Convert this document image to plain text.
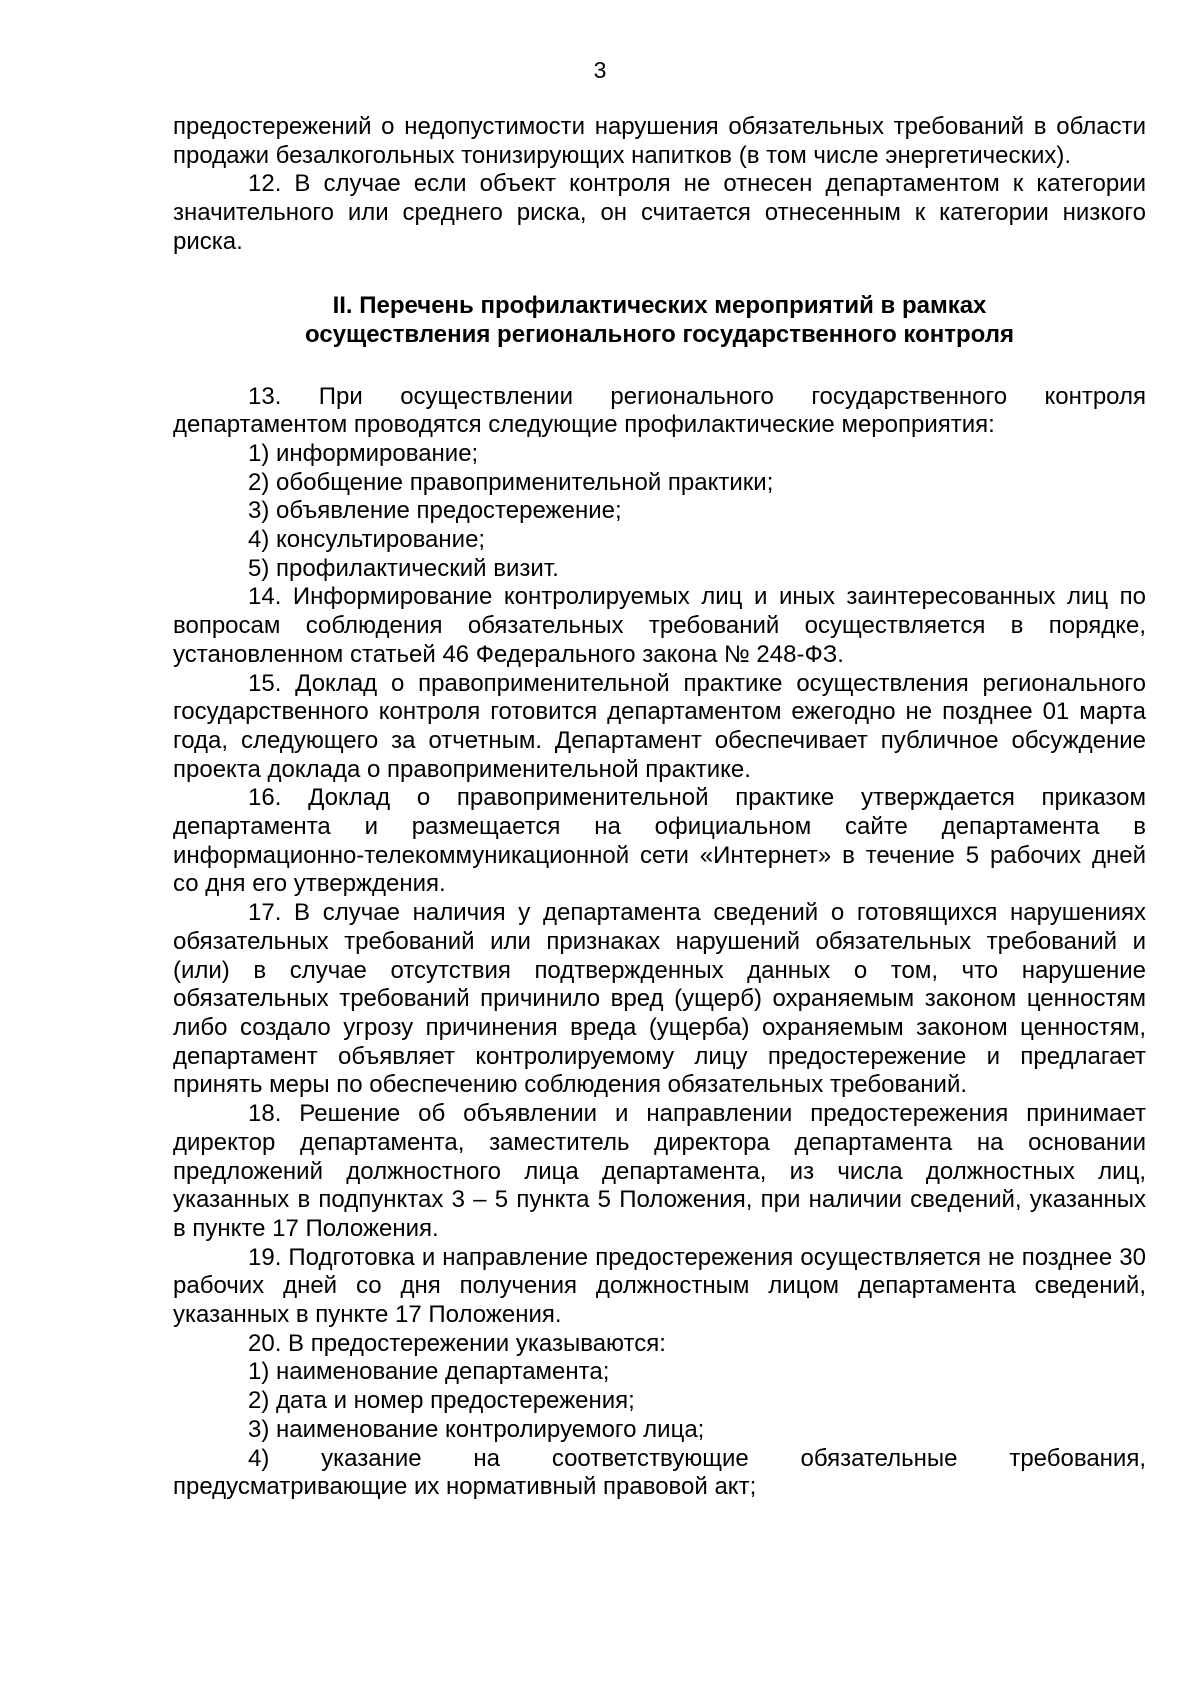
3

предостережений о недопустимости нарушения обязательных требований в области продажи безалкогольных тонизирующих напитков (в том числе энергетических).

12. В случае если объект контроля не отнесен департаментом к категории значительного или среднего риска, он считается отнесенным к категории низкого риска.

II. Перечень профилактических мероприятий в рамках
осуществления регионального государственного контроля

13. При осуществлении регионального государственного контроля департаментом проводятся следующие профилактические мероприятия:

1) информирование;

2) обобщение правоприменительной практики;

3) объявление предостережение;

4) консультирование;

5) профилактический визит.

14. Информирование контролируемых лиц и иных заинтересованных лиц по вопросам соблюдения обязательных требований осуществляется в порядке, установленном статьей 46 Федерального закона № 248-ФЗ.

15. Доклад о правоприменительной практике осуществления регионального государственного контроля готовится департаментом ежегодно не позднее 01 марта года, следующего за отчетным. Департамент обеспечивает публичное обсуждение проекта доклада о правоприменительной практике.

16. Доклад о правоприменительной практике утверждается приказом департамента и размещается на официальном сайте департамента в информационно-телекоммуникационной сети «Интернет» в течение 5 рабочих дней со дня его утверждения.

17. В случае наличия у департамента сведений о готовящихся нарушениях обязательных требований или признаках нарушений обязательных требований и (или) в случае отсутствия подтвержденных данных о том, что нарушение обязательных требований причинило вред (ущерб) охраняемым законом ценностям либо создало угрозу причинения вреда (ущерба) охраняемым законом ценностям, департамент объявляет контролируемому лицу предостережение и предлагает принять меры по обеспечению соблюдения обязательных требований.

18. Решение об объявлении и направлении предостережения принимает директор департамента, заместитель директора департамента на основании предложений должностного лица департамента, из числа должностных лиц, указанных в подпунктах 3 – 5 пункта 5 Положения, при наличии сведений, указанных в пункте 17 Положения.

19. Подготовка и направление предостережения осуществляется не позднее 30 рабочих дней со дня получения должностным лицом департамента сведений, указанных в пункте 17 Положения.

20. В предостережении указываются:

1) наименование департамента;

2) дата и номер предостережения;

3) наименование контролируемого лица;

4) указание на соответствующие обязательные требования, предусматривающие их нормативный правовой акт;
